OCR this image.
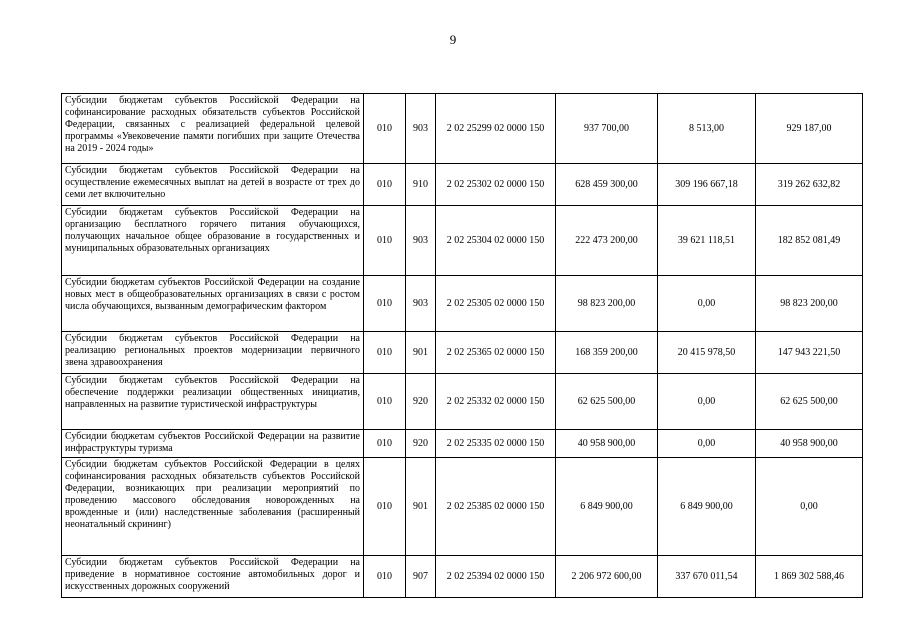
9
Субсидии бюджетам субъектов Российской Федерации на софинансирование расходных обязательств субъектов Российской Федерации, связанных с реализацией федеральной целевой программы «Увековечение памяти погибших при защите Отечества на 2019 - 2024 годы»	010	903	2 02 25299 02 0000 150	937 700,00	8 513,00	929 187,00
Субсидии бюджетам субъектов Российской Федерации на осуществление ежемесячных выплат на детей в возрасте от трех до семи лет включительно	010	910	2 02 25302 02 0000 150	628 459 300,00	309 196 667,18	319 262 632,82
Субсидии бюджетам субъектов Российской Федерации на организацию бесплатного горячего питания обучающихся, получающих начальное общее образование в государственных и муниципальных образовательных организациях	010	903	2 02 25304 02 0000 150	222 473 200,00	39 621 118,51	182 852 081,49
Субсидии бюджетам субъектов Российской Федерации на создание новых мест в общеобразовательных организациях в связи с ростом числа обучающихся, вызванным демографическим фактором	010	903	2 02 25305 02 0000 150	98 823 200,00	0,00	98 823 200,00
Субсидии бюджетам субъектов Российской Федерации на реализацию региональных проектов модернизации первичного звена здравоохранения	010	901	2 02 25365 02 0000 150	168 359 200,00	20 415 978,50	147 943 221,50
Субсидии бюджетам субъектов Российской Федерации на обеспечение поддержки реализации общественных инициатив, направленных на развитие туристической инфраструктуры	010	920	2 02 25332 02 0000 150	62 625 500,00	0,00	62 625 500,00
Субсидии бюджетам субъектов Российской Федерации на развитие инфраструктуры туризма	010	920	2 02 25335 02 0000 150	40 958 900,00	0,00	40 958 900,00
Субсидии бюджетам субъектов Российской Федерации в целях софинансирования расходных обязательств субъектов Российской Федерации, возникающих при реализации мероприятий по проведению массового обследования новорожденных на врожденные и (или) наследственные заболевания (расширенный неонатальный скрининг)	010	901	2 02 25385 02 0000 150	6 849 900,00	6 849 900,00	0,00
Субсидии бюджетам субъектов Российской Федерации на приведение в нормативное состояние автомобильных дорог и искусственных дорожных сооружений	010	907	2 02 25394 02 0000 150	2 206 972 600,00	337 670 011,54	1 869 302 588,46
